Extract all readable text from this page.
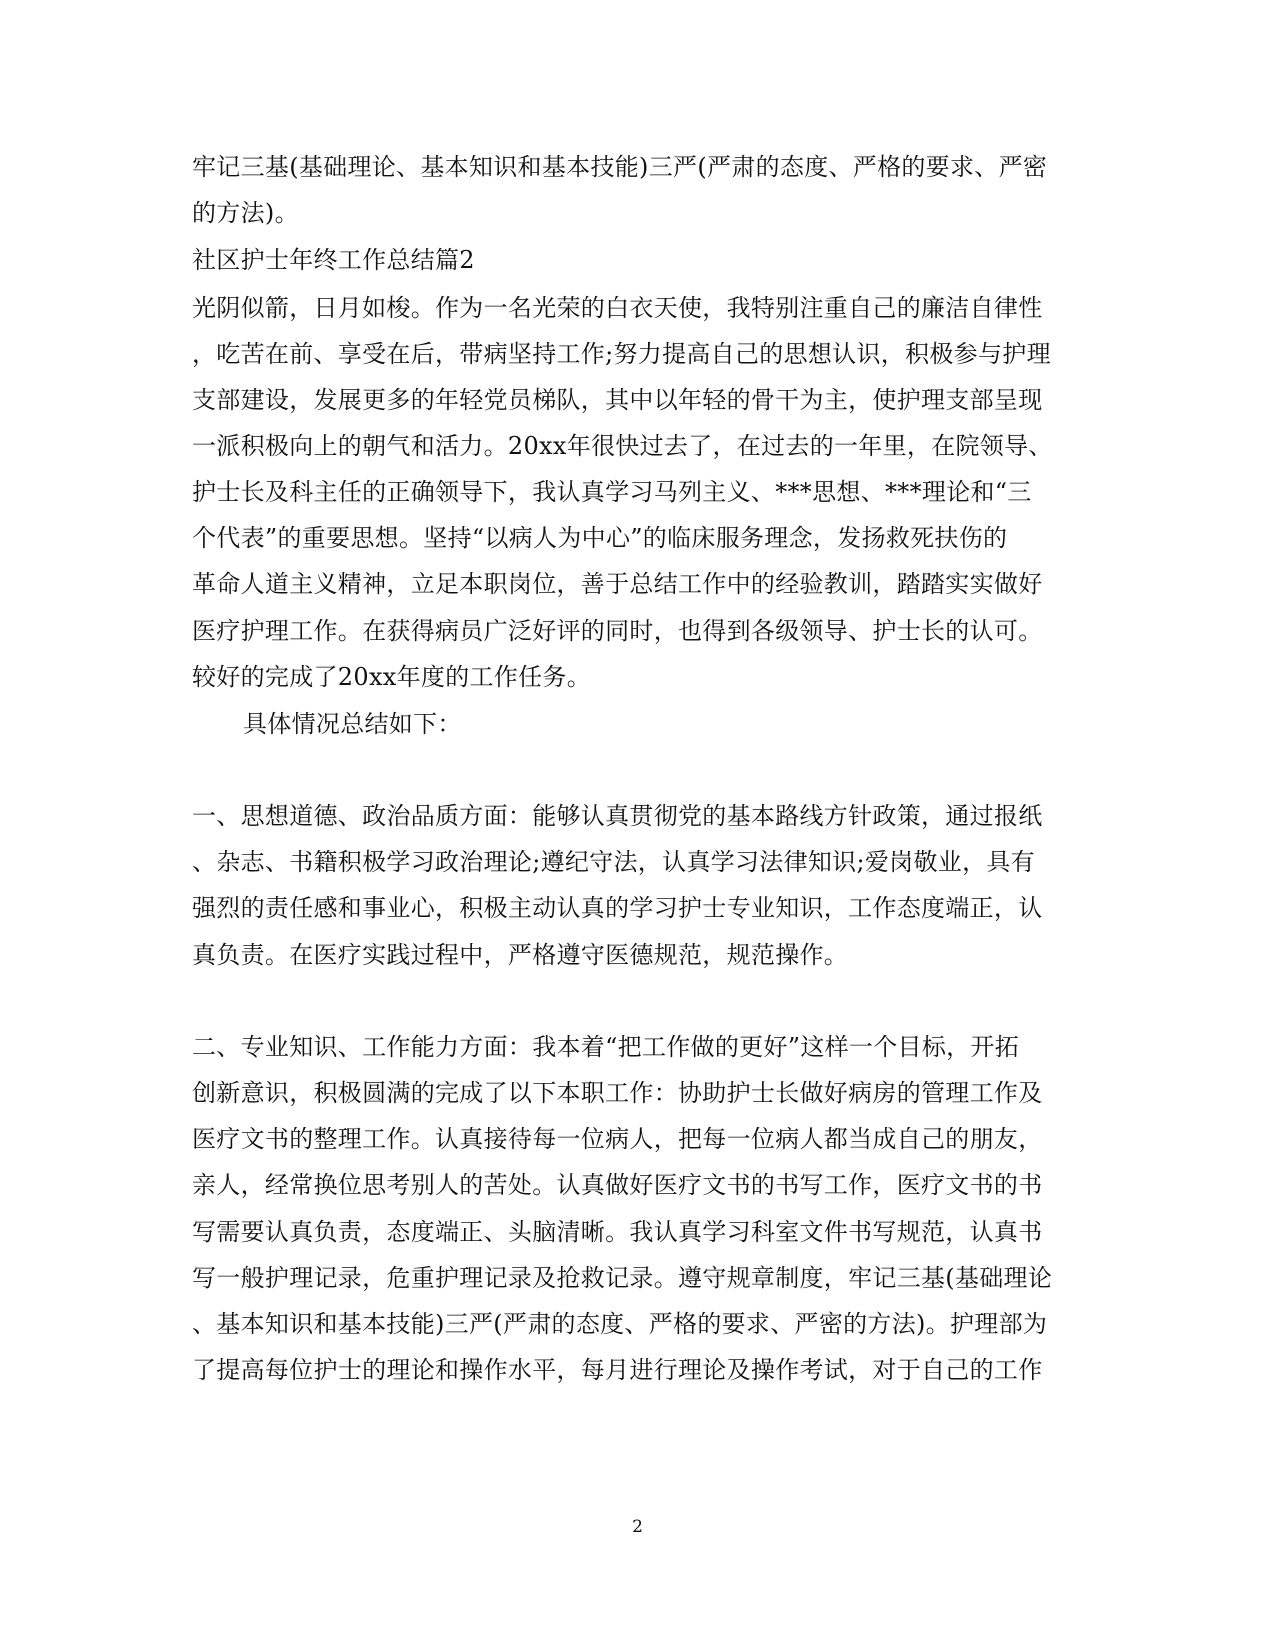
牢记三基(基础理论、基本知识和基本技能)三严(严肃的态度、严格的要求、严密
的方法)。
社区护士年终工作总结篇2
光阴似箭，日月如梭。作为一名光荣的白衣天使，我特别注重自己的廉洁自律性
，吃苦在前、享受在后，带病坚持工作;努力提高自己的思想认识，积极参与护理
支部建设，发展更多的年轻党员梯队，其中以年轻的骨干为主，使护理支部呈现
一派积极向上的朝气和活力。20xx年很快过去了，在过去的一年里，在院领导、
护士长及科主任的正确领导下，我认真学习马列主义、***思想、***理论和“三
个代表”的重要思想。坚持“以病人为中心”的临床服务理念，发扬救死扶伤的
革命人道主义精神，立足本职岗位，善于总结工作中的经验教训，踏踏实实做好
医疗护理工作。在获得病员广泛好评的同时，也得到各级领导、护士长的认可。
较好的完成了20xx年度的工作任务。
具体情况总结如下：
一、思想道德、政治品质方面：能够认真贯彻党的基本路线方针政策，通过报纸
、杂志、书籍积极学习政治理论;遵纪守法，认真学习法律知识;爱岗敬业，具有
强烈的责任感和事业心，积极主动认真的学习护士专业知识，工作态度端正，认
真负责。在医疗实践过程中，严格遵守医德规范，规范操作。
二、专业知识、工作能力方面：我本着“把工作做的更好”这样一个目标，开拓
创新意识，积极圆满的完成了以下本职工作：协助护士长做好病房的管理工作及
医疗文书的整理工作。认真接待每一位病人，把每一位病人都当成自己的朋友，
亲人，经常换位思考别人的苦处。认真做好医疗文书的书写工作，医疗文书的书
写需要认真负责，态度端正、头脑清晰。我认真学习科室文件书写规范，认真书
写一般护理记录，危重护理记录及抢救记录。遵守规章制度，牢记三基(基础理论
、基本知识和基本技能)三严(严肃的态度、严格的要求、严密的方法)。护理部为
了提高每位护士的理论和操作水平，每月进行理论及操作考试，对于自己的工作
2
